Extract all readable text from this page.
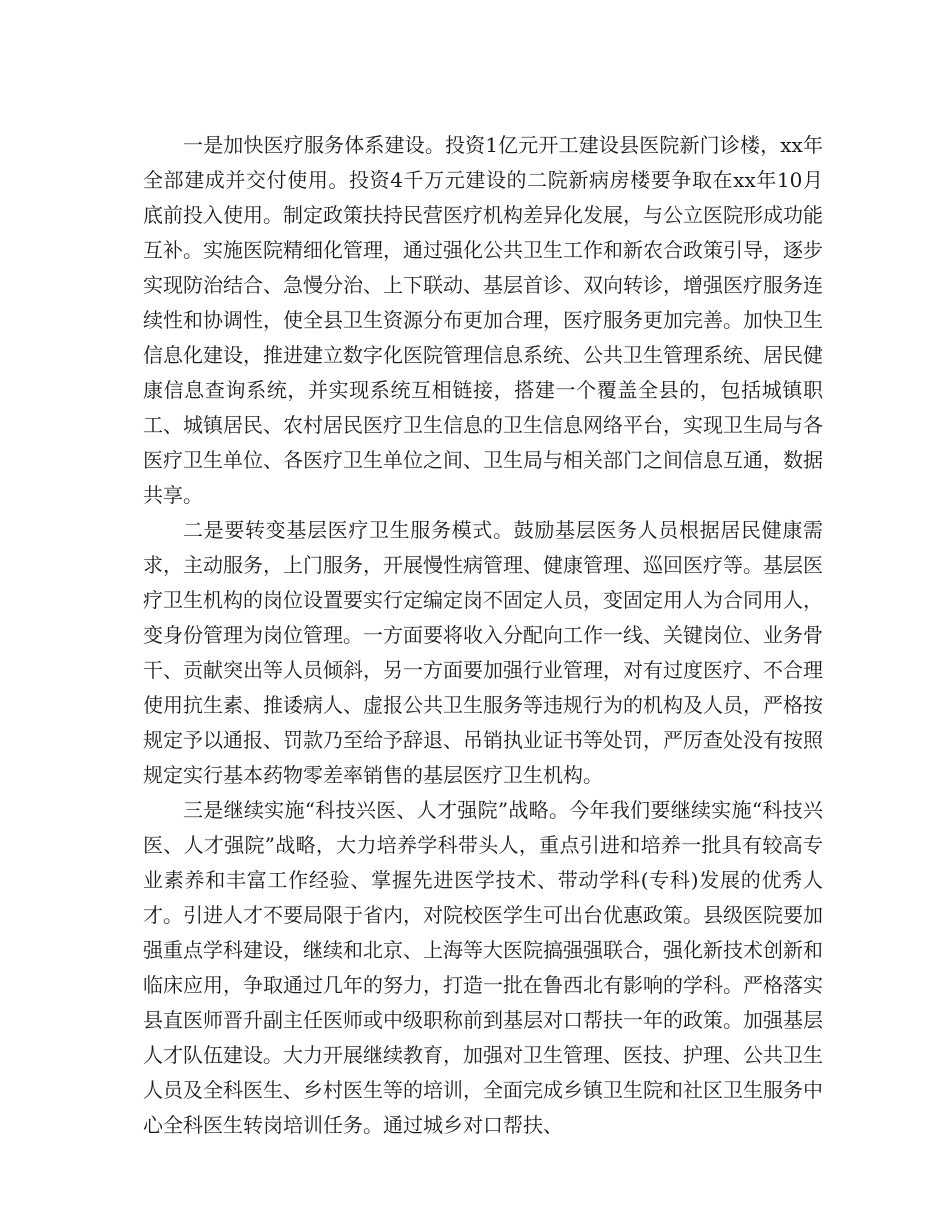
一是加快医疗服务体系建设。投资1亿元开工建设县医院新门诊楼，xx年全部建成并交付使用。投资4千万元建设的二院新病房楼要争取在xx年10月底前投入使用。制定政策扶持民营医疗机构差异化发展，与公立医院形成功能互补。实施医院精细化管理，通过强化公共卫生工作和新农合政策引导，逐步实现防治结合、急慢分治、上下联动、基层首诊、双向转诊，增强医疗服务连续性和协调性，使全县卫生资源分布更加合理，医疗服务更加完善。加快卫生信息化建设，推进建立数字化医院管理信息系统、公共卫生管理系统、居民健康信息查询系统，并实现系统互相链接，搭建一个覆盖全县的，包括城镇职工、城镇居民、农村居民医疗卫生信息的卫生信息网络平台，实现卫生局与各医疗卫生单位、各医疗卫生单位之间、卫生局与相关部门之间信息互通，数据共享。

二是要转变基层医疗卫生服务模式。鼓励基层医务人员根据居民健康需求，主动服务，上门服务，开展慢性病管理、健康管理、巡回医疗等。基层医疗卫生机构的岗位设置要实行定编定岗不固定人员，变固定用人为合同用人，变身份管理为岗位管理。一方面要将收入分配向工作一线、关键岗位、业务骨干、贡献突出等人员倾斜，另一方面要加强行业管理，对有过度医疗、不合理使用抗生素、推诿病人、虚报公共卫生服务等违规行为的机构及人员，严格按规定予以通报、罚款乃至给予辞退、吊销执业证书等处罚，严厉查处没有按照规定实行基本药物零差率销售的基层医疗卫生机构。

三是继续实施“科技兴医、人才强院”战略。今年我们要继续实施“科技兴医、人才强院”战略，大力培养学科带头人，重点引进和培养一批具有较高专业素养和丰富工作经验、掌握先进医学技术、带动学科(专科)发展的优秀人才。引进人才不要局限于省内，对院校医学生可出台优惠政策。县级医院要加强重点学科建设，继续和北京、上海等大医院搞强强联合，强化新技术创新和临床应用，争取通过几年的努力，打造一批在鲁西北有影响的学科。严格落实县直医师晋升副主任医师或中级职称前到基层对口帮扶一年的政策。加强基层人才队伍建设。大力开展继续教育，加强对卫生管理、医技、护理、公共卫生人员及全科医生、乡村医生等的培训，全面完成乡镇卫生院和社区卫生服务中心全科医生转岗培训任务。通过城乡对口帮扶、
